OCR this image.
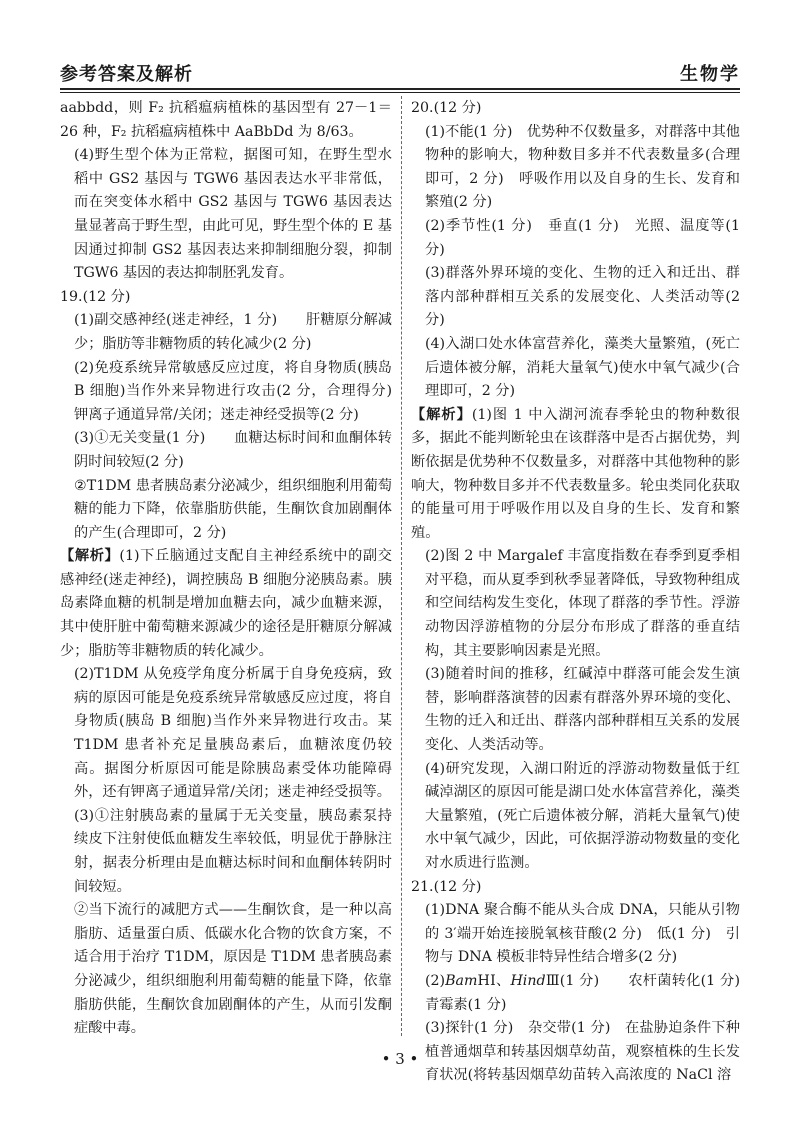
参考答案及解析	生物学

aabbdd，则 F₂ 抗稻瘟病植株的基因型有 27－1＝26 种，F₂ 抗稻瘟病植株中 AaBbDd 为 8/63。

(4)野生型个体为正常粒，据图可知，在野生型水稻中 GS2 基因与 TGW6 基因表达水平非常低，而在突变体水稻中 GS2 基因与 TGW6 基因表达量显著高于野生型，由此可见，野生型个体的 E 基因通过抑制 GS2 基因表达来抑制细胞分裂，抑制 TGW6 基因的表达抑制胚乳发育。

19.(12 分)

(1)副交感神经(迷走神经，1 分)　　肝糖原分解减少；脂肪等非糖物质的转化减少(2 分)

(2)免疫系统异常敏感反应过度，将自身物质(胰岛 B 细胞)当作外来异物进行攻击(2 分，合理得分)　钾离子通道异常/关闭；迷走神经受损等(2 分)

(3)①无关变量(1 分)　　血糖达标时间和血酮体转阴时间较短(2 分)

②T1DM 患者胰岛素分泌减少，组织细胞利用葡萄糖的能力下降，依靠脂肪供能，生酮饮食加剧酮体的产生(合理即可，2 分)

【解析】(1)下丘脑通过支配自主神经系统中的副交感神经(迷走神经)，调控胰岛 B 细胞分泌胰岛素。胰岛素降血糖的机制是增加血糖去向，减少血糖来源，其中使肝脏中葡萄糖来源减少的途径是肝糖原分解减少；脂肪等非糖物质的转化减少。

(2)T1DM 从免疫学角度分析属于自身免疫病，致病的原因可能是免疫系统异常敏感反应过度，将自身物质(胰岛 B 细胞)当作外来异物进行攻击。某 T1DM 患者补充足量胰岛素后，血糖浓度仍较高。据图分析原因可能是除胰岛素受体功能障碍外，还有钾离子通道异常/关闭；迷走神经受损等。

(3)①注射胰岛素的量属于无关变量，胰岛素泵持续皮下注射使低血糖发生率较低，明显优于静脉注射，据表分析理由是血糖达标时间和血酮体转阴时间较短。

②当下流行的减肥方式——生酮饮食，是一种以高脂肪、适量蛋白质、低碳水化合物的饮食方案，不适合用于治疗 T1DM，原因是 T1DM 患者胰岛素分泌减少，组织细胞利用葡萄糖的能量下降，依靠脂肪供能，生酮饮食加剧酮体的产生，从而引发酮症酸中毒。

20.(12 分)

(1)不能(1 分)　优势种不仅数量多，对群落中其他物种的影响大，物种数目多并不代表数量多(合理即可，2 分)　呼吸作用以及自身的生长、发育和繁殖(2 分)

(2)季节性(1 分)　垂直(1 分)　光照、温度等(1 分)

(3)群落外界环境的变化、生物的迁入和迁出、群落内部种群相互关系的发展变化、人类活动等(2 分)

(4)入湖口处水体富营养化，藻类大量繁殖，(死亡后遗体被分解，消耗大量氧气)使水中氧气减少(合理即可，2 分)

【解析】(1)图 1 中入湖河流春季轮虫的物种数很多，据此不能判断轮虫在该群落中是否占据优势，判断依据是优势种不仅数量多，对群落中其他物种的影响大，物种数目多并不代表数量多。轮虫类同化获取的能量可用于呼吸作用以及自身的生长、发育和繁殖。

(2)图 2 中 Margalef 丰富度指数在春季到夏季相对平稳，而从夏季到秋季显著降低，导致物种组成和空间结构发生变化，体现了群落的季节性。浮游动物因浮游植物的分层分布形成了群落的垂直结构，其主要影响因素是光照。

(3)随着时间的推移，红碱淖中群落可能会发生演替，影响群落演替的因素有群落外界环境的变化、生物的迁入和迁出、群落内部种群相互关系的发展变化、人类活动等。

(4)研究发现，入湖口附近的浮游动物数量低于红碱淖湖区的原因可能是湖口处水体富营养化，藻类大量繁殖，(死亡后遗体被分解，消耗大量氧气)使水中氧气减少，因此，可依据浮游动物数量的变化对水质进行监测。

21.(12 分)

(1)DNA 聚合酶不能从头合成 DNA，只能从引物的 3′端开始连接脱氧核苷酸(2 分)　低(1 分)　引物与 DNA 模板非特异性结合增多(2 分)

(2)BamHⅠ、HindⅢ(1 分)　　农杆菌转化(1 分)　青霉素(1 分)

(3)探针(1 分)　杂交带(1 分)　在盐胁迫条件下种植普通烟草和转基因烟草幼苗，观察植株的生长发育状况(将转基因烟草幼苗转入高浓度的 NaCl 溶

• 3 •
